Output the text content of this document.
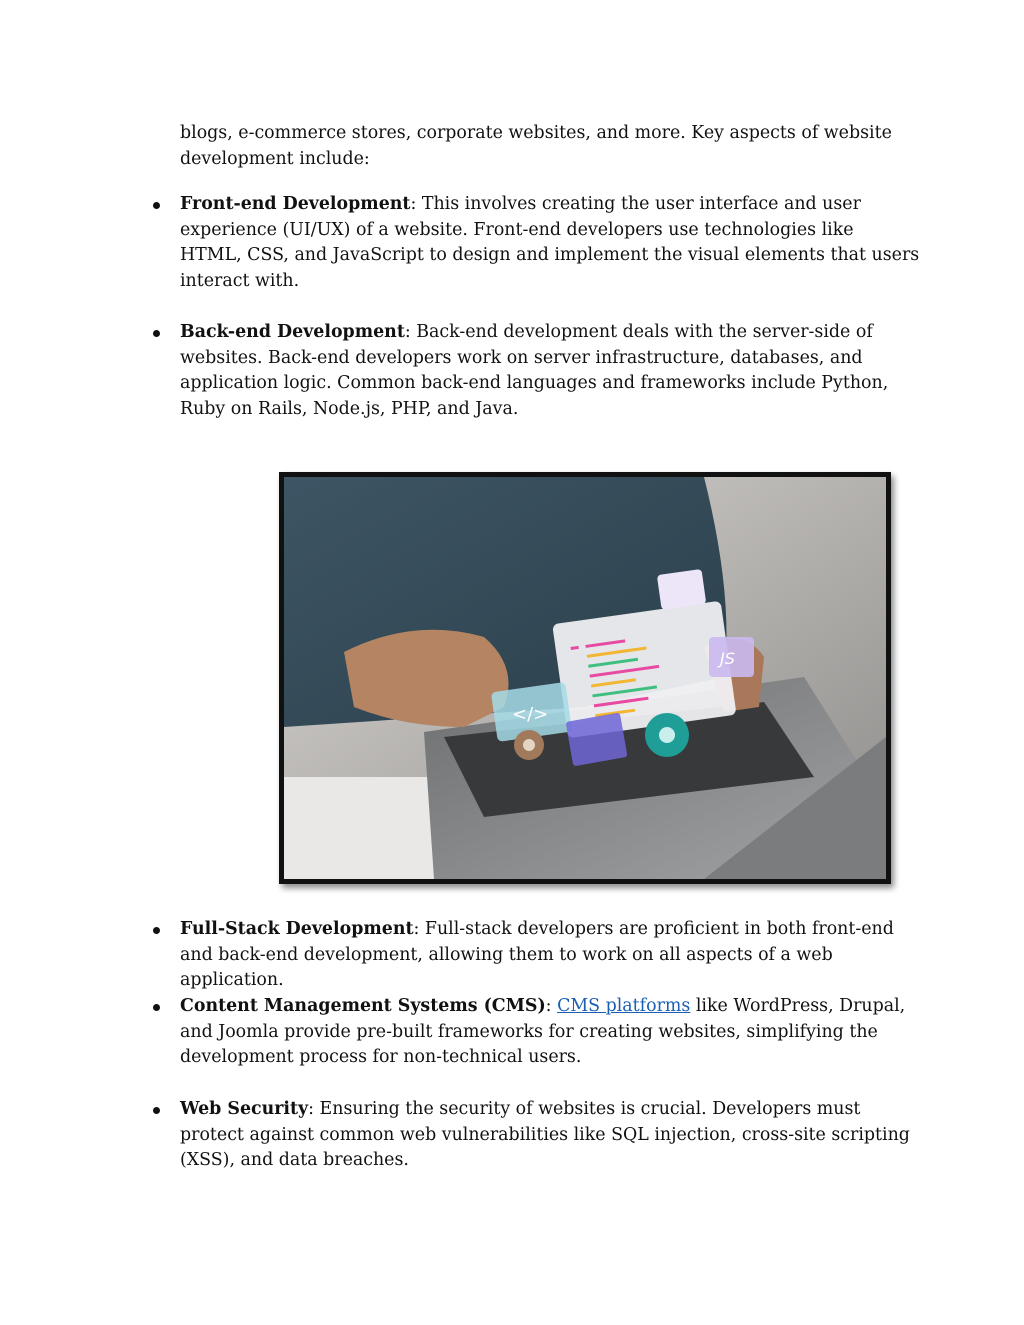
blogs, e-commerce stores, corporate websites, and more. Key aspects of website development include:
Front-end Development: This involves creating the user interface and user experience (UI/UX) of a website. Front-end developers use technologies like HTML, CSS, and JavaScript to design and implement the visual elements that users interact with.
Back-end Development: Back-end development deals with the server-side of websites. Back-end developers work on server infrastructure, databases, and application logic. Common back-end languages and frameworks include Python, Ruby on Rails, Node.js, PHP, and Java.
JS
</>
Full-Stack Development: Full-stack developers are proficient in both front-end and back-end development, allowing them to work on all aspects of a web application.
Content Management Systems (CMS): CMS platforms like WordPress, Drupal, and Joomla provide pre-built frameworks for creating websites, simplifying the development process for non-technical users.
Web Security: Ensuring the security of websites is crucial. Developers must protect against common web vulnerabilities like SQL injection, cross-site scripting (XSS), and data breaches.
